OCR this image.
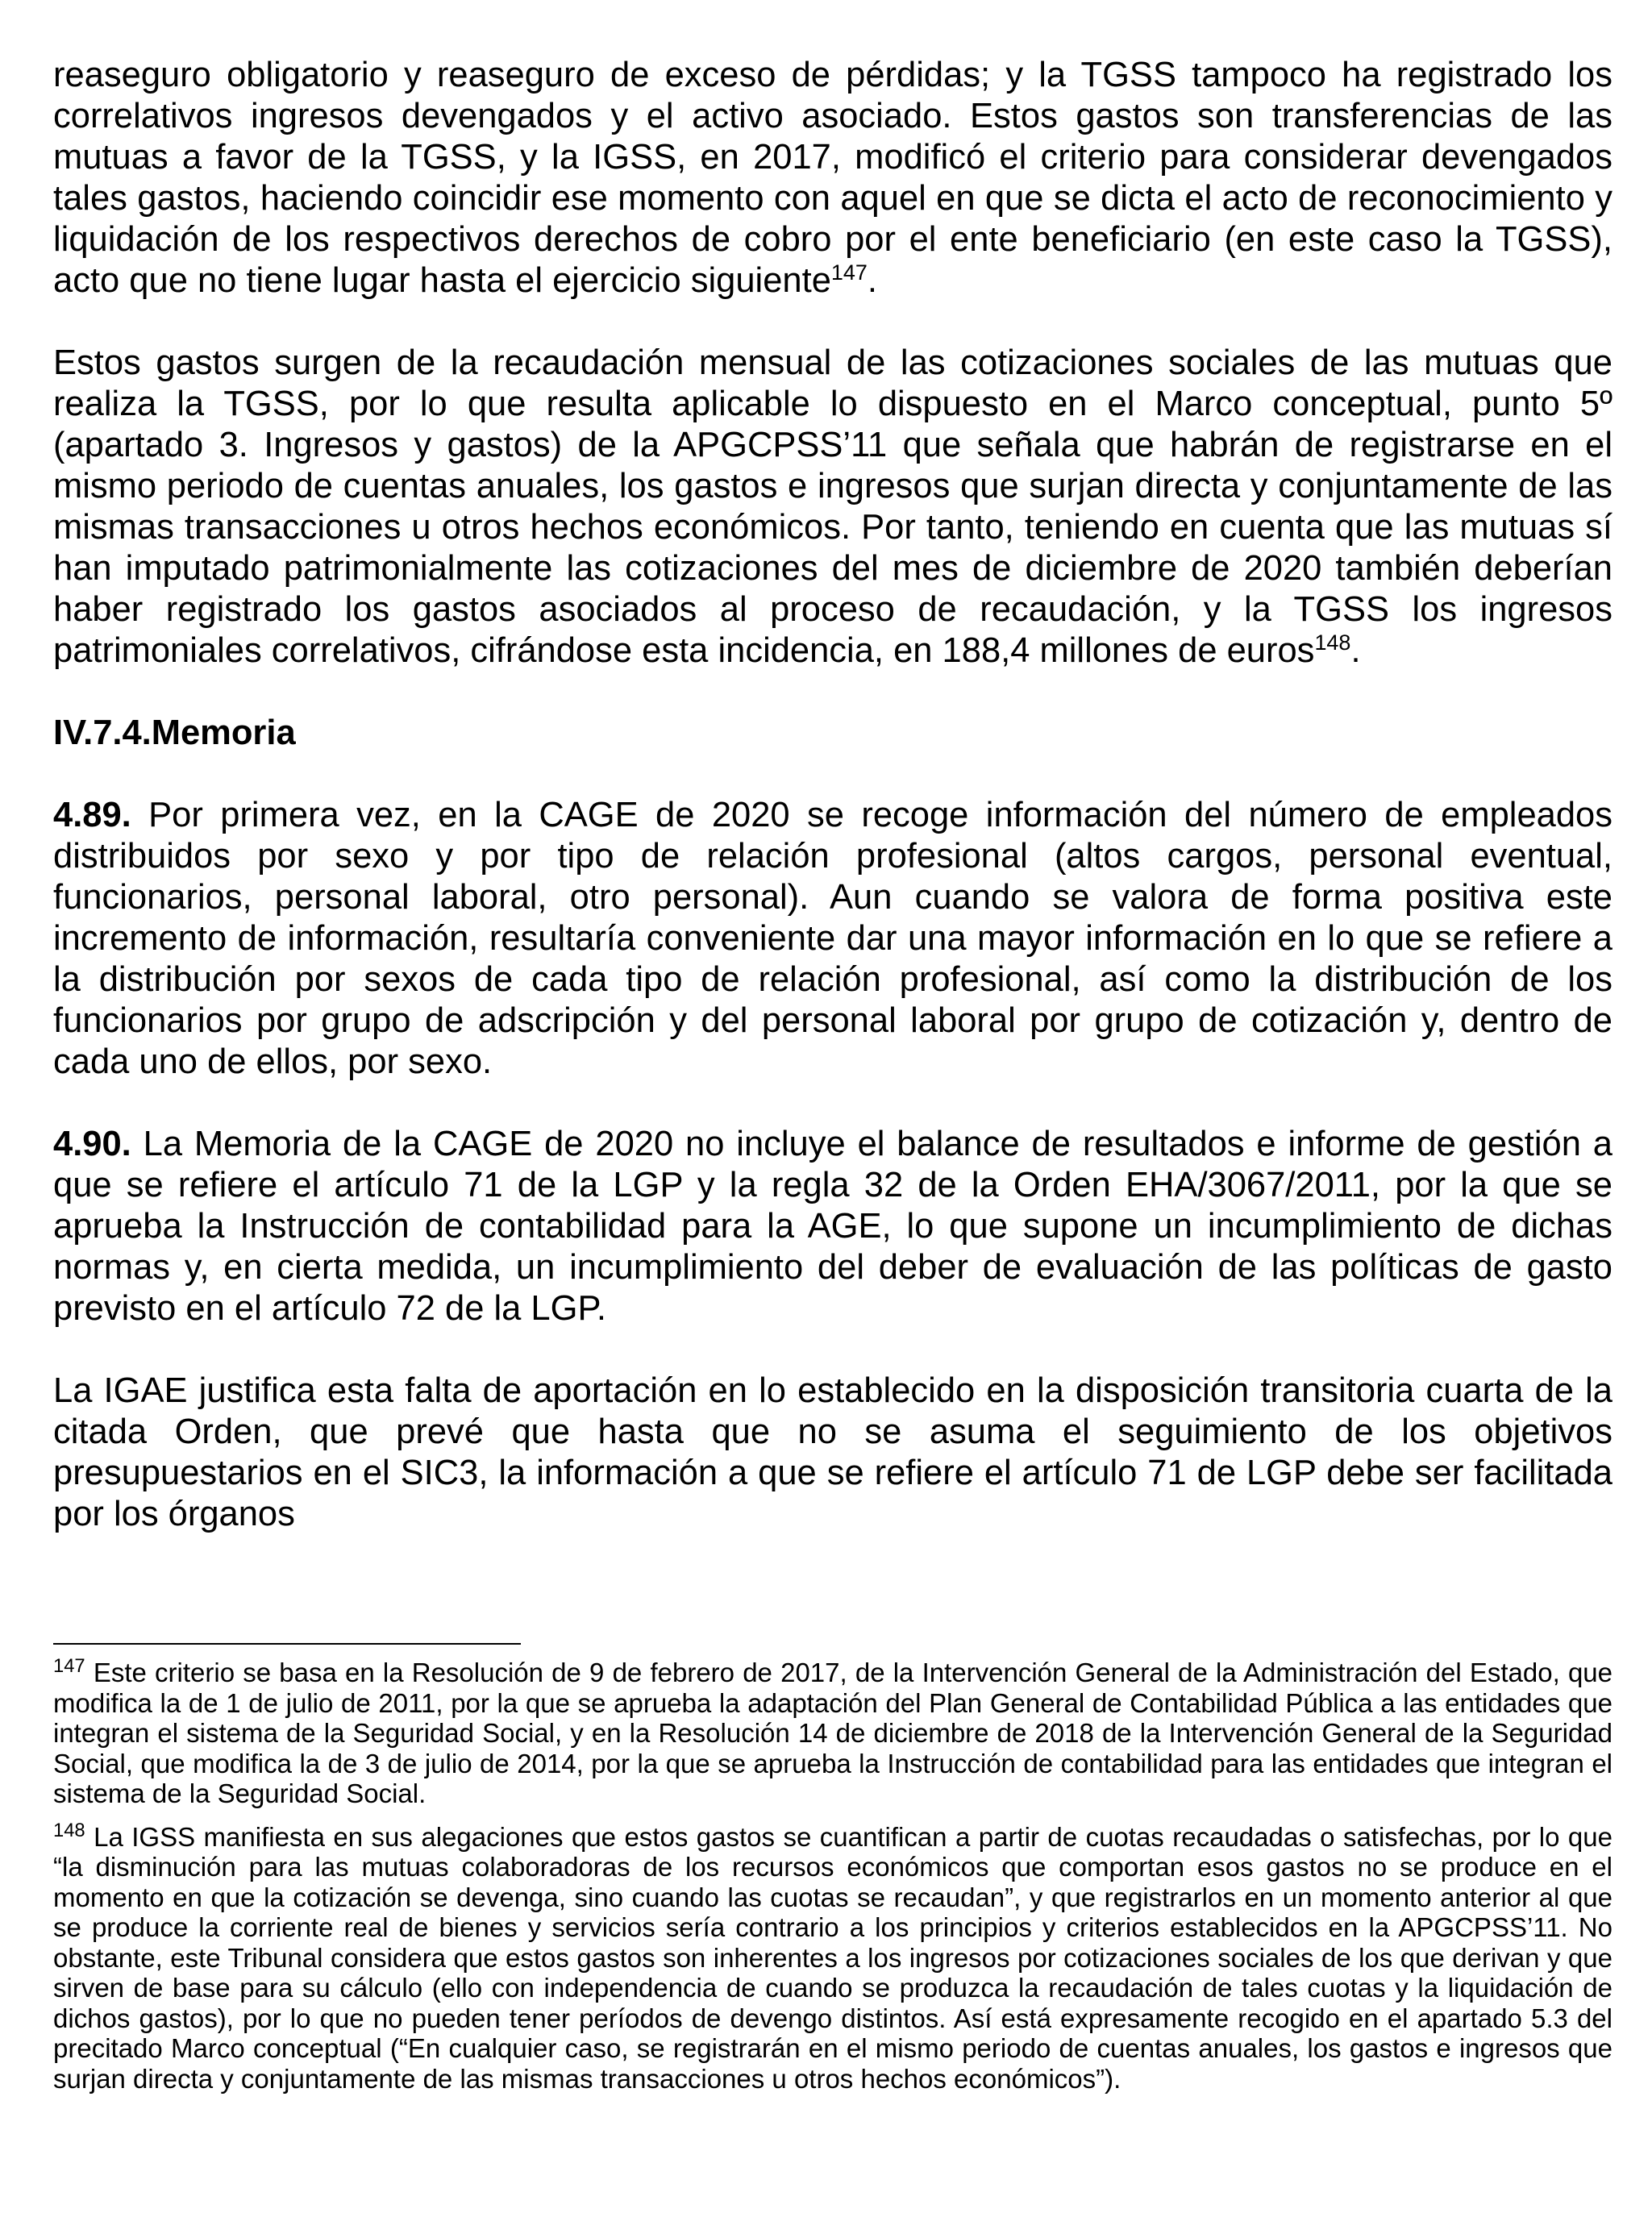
reaseguro obligatorio y reaseguro de exceso de pérdidas; y la TGSS tampoco ha registrado los correlativos ingresos devengados y el activo asociado. Estos gastos son transferencias de las mutuas a favor de la TGSS, y la IGSS, en 2017, modificó el criterio para considerar devengados tales gastos, haciendo coincidir ese momento con aquel en que se dicta el acto de reconocimiento y liquidación de los respectivos derechos de cobro por el ente beneficiario (en este caso la TGSS), acto que no tiene lugar hasta el ejercicio siguiente$^{147}$.

Estos gastos surgen de la recaudación mensual de las cotizaciones sociales de las mutuas que realiza la TGSS, por lo que resulta aplicable lo dispuesto en el Marco conceptual, punto 5º (apartado 3. Ingresos y gastos) de la APGCPSS’11 que señala que habrán de registrarse en el mismo periodo de cuentas anuales, los gastos e ingresos que surjan directa y conjuntamente de las mismas transacciones u otros hechos económicos. Por tanto, teniendo en cuenta que las mutuas sí han imputado patrimonialmente las cotizaciones del mes de diciembre de 2020 también deberían haber registrado los gastos asociados al proceso de recaudación, y la TGSS los ingresos patrimoniales correlativos, cifrándose esta incidencia, en 188,4 millones de euros$^{148}$.

IV.7.4.Memoria

4.89. Por primera vez, en la CAGE de 2020 se recoge información del número de empleados distribuidos por sexo y por tipo de relación profesional (altos cargos, personal eventual, funcionarios, personal laboral, otro personal). Aun cuando se valora de forma positiva este incremento de información, resultaría conveniente dar una mayor información en lo que se refiere a la distribución por sexos de cada tipo de relación profesional, así como la distribución de los funcionarios por grupo de adscripción y del personal laboral por grupo de cotización y, dentro de cada uno de ellos, por sexo.

4.90. La Memoria de la CAGE de 2020 no incluye el balance de resultados e informe de gestión a que se refiere el artículo 71 de la LGP y la regla 32 de la Orden EHA/3067/2011, por la que se aprueba la Instrucción de contabilidad para la AGE, lo que supone un incumplimiento de dichas normas y, en cierta medida, un incumplimiento del deber de evaluación de las políticas de gasto previsto en el artículo 72 de la LGP.

La IGAE justifica esta falta de aportación en lo establecido en la disposición transitoria cuarta de la citada Orden, que prevé que hasta que no se asuma el seguimiento de los objetivos presupuestarios en el SIC3, la información a que se refiere el artículo 71 de LGP debe ser facilitada por los órganos

$^{147}$ Este criterio se basa en la Resolución de 9 de febrero de 2017, de la Intervención General de la Administración del Estado, que modifica la de 1 de julio de 2011, por la que se aprueba la adaptación del Plan General de Contabilidad Pública a las entidades que integran el sistema de la Seguridad Social, y en la Resolución 14 de diciembre de 2018 de la Intervención General de la Seguridad Social, que modifica la de 3 de julio de 2014, por la que se aprueba la Instrucción de contabilidad para las entidades que integran el sistema de la Seguridad Social.

$^{148}$ La IGSS manifiesta en sus alegaciones que estos gastos se cuantifican a partir de cuotas recaudadas o satisfechas, por lo que “la disminución para las mutuas colaboradoras de los recursos económicos que comportan esos gastos no se produce en el momento en que la cotización se devenga, sino cuando las cuotas se recaudan”, y que registrarlos en un momento anterior al que se produce la corriente real de bienes y servicios sería contrario a los principios y criterios establecidos en la APGCPSS’11. No obstante, este Tribunal considera que estos gastos son inherentes a los ingresos por cotizaciones sociales de los que derivan y que sirven de base para su cálculo (ello con independencia de cuando se produzca la recaudación de tales cuotas y la liquidación de dichos gastos), por lo que no pueden tener períodos de devengo distintos. Así está expresamente recogido en el apartado 5.3 del precitado Marco conceptual (“En cualquier caso, se registrarán en el mismo periodo de cuentas anuales, los gastos e ingresos que surjan directa y conjuntamente de las mismas transacciones u otros hechos económicos”).
